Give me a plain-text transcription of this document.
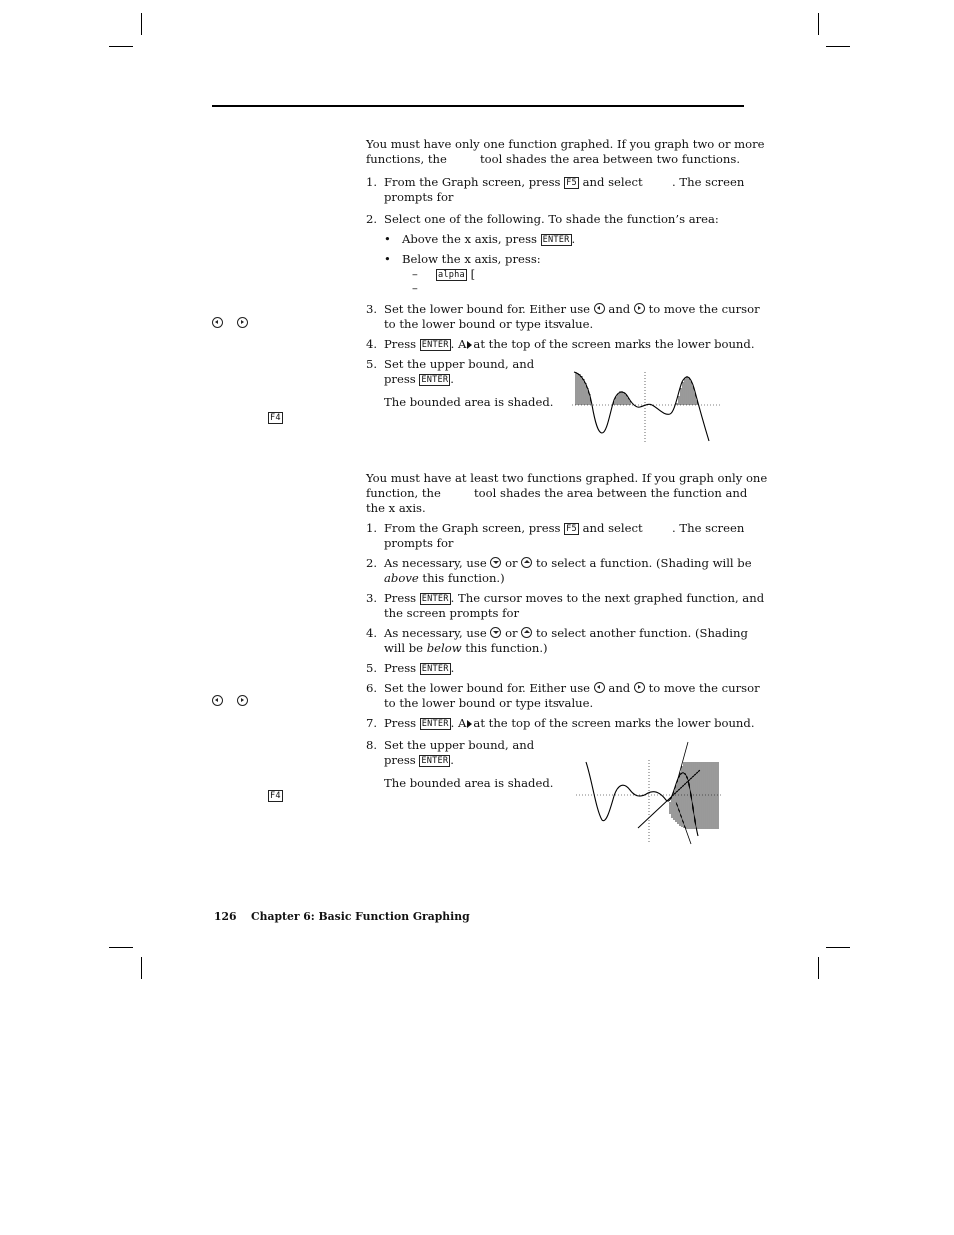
You must have only one function graphed. If you graph two or more
functions, the	tool shades the area between two functions.
1. From the Graph screen, press F5 and select	. The screen
prompts for
2. Select one of the following. To shade the function’s area:
• Above the x axis, press ENTER .
• Below the x axis, press:
– alpha [
–
3. Set the lower bound for
. Either use and to move the cursor
to the lower bound or type its value.
4. Press ENTER . A at the top of the screen marks the lower bound.
5. Set the upper bound, and
press ENTER .
The bounded area is shaded.
F4
You must have at least two functions graphed. If you graph only one
function, the	tool shades the area between the function and
the x axis.
1. From the Graph screen, press F5 and select	. The screen
prompts for
2. As necessary, use or to select a function. (Shading will be
above this function.)
3. Press ENTER . The cursor moves to the next graphed function, and
the screen prompts for
4. As necessary, use or to select another function. (Shading
will be below this function.)
5. Press ENTER .
6. Set the lower bound for
. Either use and to move the cursor
to the lower bound or type its value.
7. Press ENTER . A at the top of the screen marks the lower bound.
8. Set the upper bound, and
press ENTER .
The bounded area is shaded.
F4
126 Chapter 6: Basic Function Graphing
